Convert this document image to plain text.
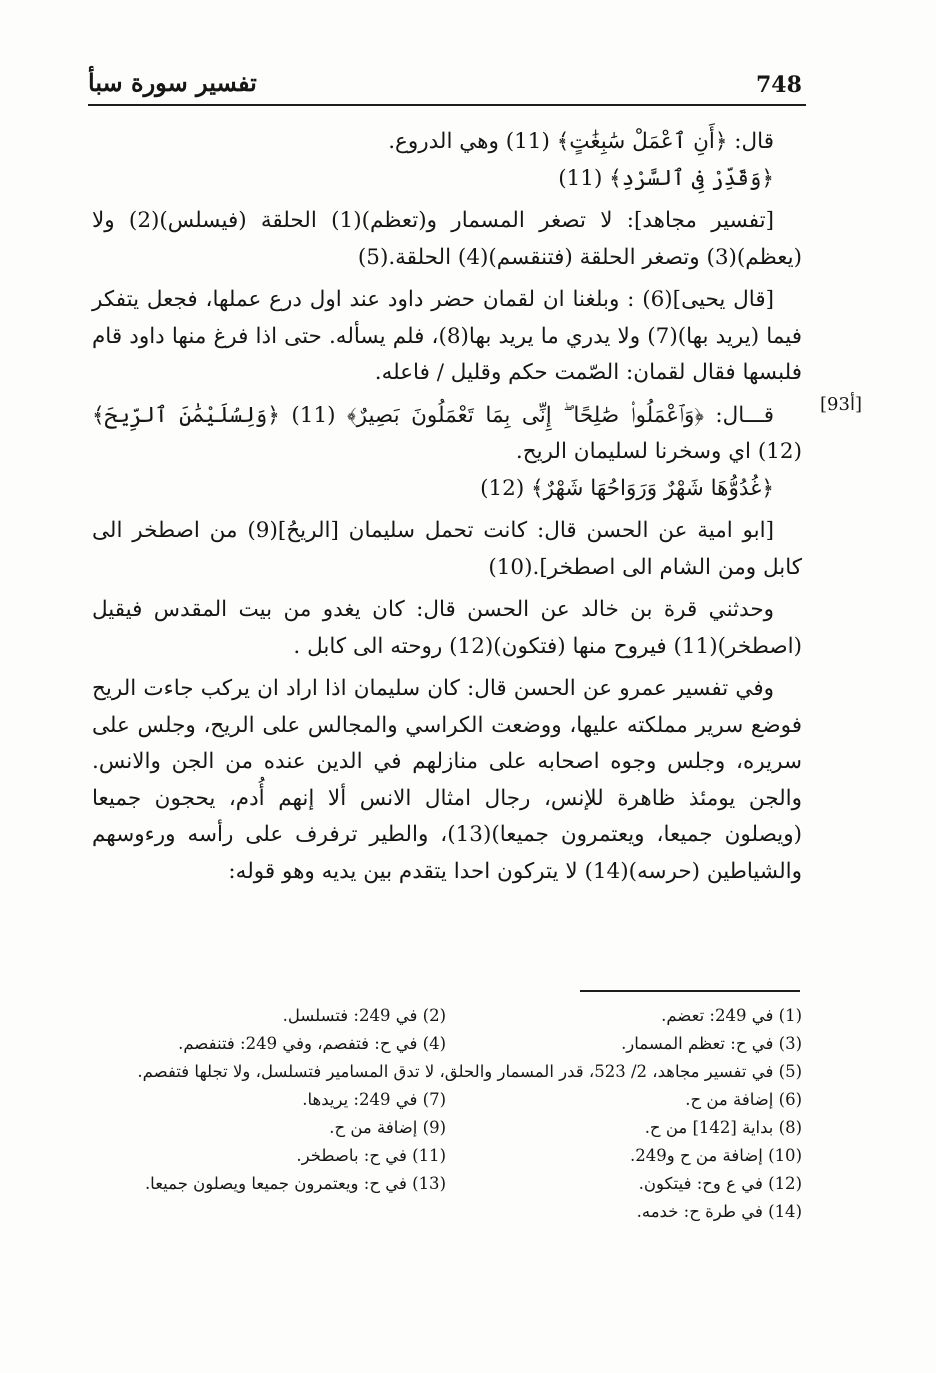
748
تفسير سورة سبأ
[93أ]

قال: ﴿أَنِ ٱعْمَلْ سَٰبِغَٰتٍ﴾ (11) وهي الدروع.

﴿وَقَدِّرْ فِى ٱلسَّرْدِ﴾ (11)

[تفسير مجاهد]: لا تصغر المسمار و(تعظم)(1) الحلقة (فيسلس)(2) ولا (يعظم)(3) وتصغر الحلقة (فتنقسم)(4) الحلقة.(5)

[قال يحيى](6) : وبلغنا ان لقمان حضر داود عند اول درع عملها، فجعل يتفكر فيما (يريد بها)(7) ولا يدري ما يريد بها(8)، فلم يسأله. حتى اذا فرغ منها داود قام فلبسها فقال لقمان: الصّمت حكم وقليل / فاعله.

قـــال: ﴿وَٱعْمَلُوا۟ صَٰلِحًا ۖ إِنِّى بِمَا تَعْمَلُونَ بَصِيرٌ﴾ (11) ﴿وَلِسُلَيْمَٰنَ ٱلرِّيحَ﴾ (12) اي وسخرنا لسليمان الريح.

﴿غُدُوُّهَا شَهْرٌ وَرَوَاحُهَا شَهْرٌ﴾ (12)

[ابو امية عن الحسن قال: كانت تحمل سليمان [الريحُ](9) من اصطخر الى كابل ومن الشام الى اصطخر].(10)

وحدثني قرة بن خالد عن الحسن قال: كان يغدو من بيت المقدس فيقيل (اصطخر)(11) فيروح منها (فتكون)(12) روحته الى كابل .

وفي تفسير عمرو عن الحسن قال: كان سليمان اذا اراد ان يركب جاءت الريح فوضع سرير مملكته عليها، ووضعت الكراسي والمجالس على الريح، وجلس على سريره، وجلس وجوه اصحابه على منازلهم في الدين عنده من الجن والانس. والجن يومئذ ظاهرة للإنس، رجال امثال الانس ألا إنهم أُدم، يحجون جميعا (ويصلون جميعا، ويعتمرون جميعا)(13)، والطير ترفرف على رأسه ورءوسهم والشياطين (حرسه)(14) لا يتركون احدا يتقدم بين يديه وهو قوله:

(1) في 249: تعضم.
(2) في 249: فتسلسل.
(3) في ح: تعظم المسمار.
(4) في ح: فتفصم، وفي 249: فتنفصم.
(5) في تفسير مجاهد، 2/ 523، قدر المسمار والحلق، لا تدق المسامير فتسلسل، ولا تجلها فتفصم.
(6) إضافة من ح.
(7) في 249: يريدها.
(8) بداية [142] من ح.
(9) إضافة من ح.
(10) إضافة من ح و249.
(11) في ح: باصطخر.
(12) في ع وح: فيتكون.
(13) في ح: ويعتمرون جميعا ويصلون جميعا.
(14) في طرة ح: خدمه.
